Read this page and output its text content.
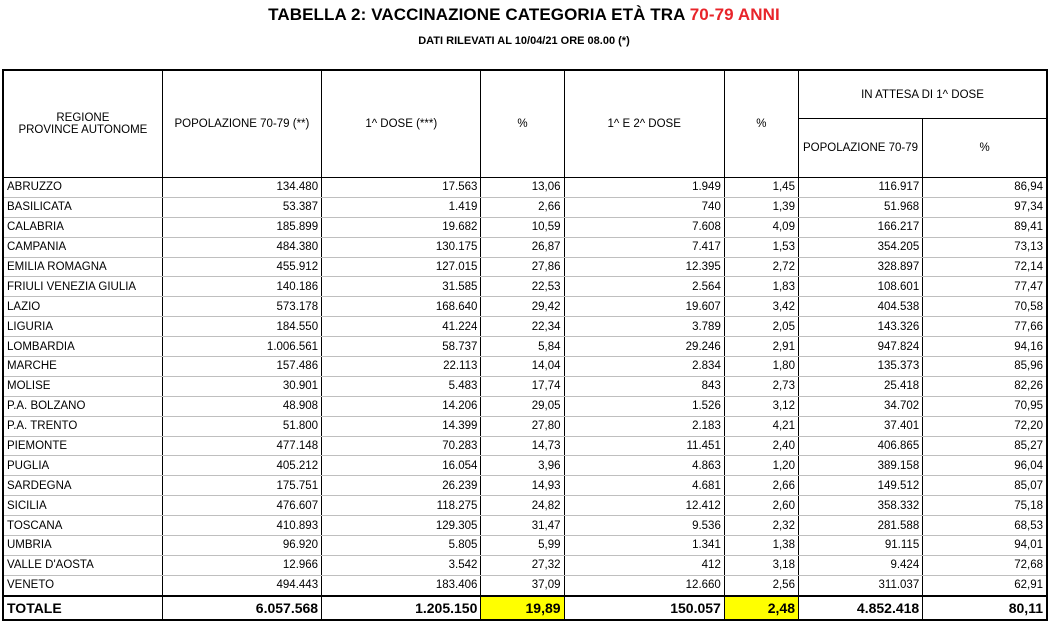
TABELLA 2: VACCINAZIONE CATEGORIA ETÀ TRA 70-79 ANNI
DATI RILEVATI AL 10/04/21 ORE 08.00 (*)
REGIONE
PROVINCE AUTONOME	POPOLAZIONE 70-79 (**)	1^ DOSE (***)	%	1^ E 2^ DOSE	%	IN ATTESA DI 1^ DOSE	
						POPOLAZIONE 70-79	%
ABRUZZO	134.480	17.563	13,06	1.949	1,45	116.917	86,94
BASILICATA	53.387	1.419	2,66	740	1,39	51.968	97,34
CALABRIA	185.899	19.682	10,59	7.608	4,09	166.217	89,41
CAMPANIA	484.380	130.175	26,87	7.417	1,53	354.205	73,13
EMILIA ROMAGNA	455.912	127.015	27,86	12.395	2,72	328.897	72,14
FRIULI VENEZIA GIULIA	140.186	31.585	22,53	2.564	1,83	108.601	77,47
LAZIO	573.178	168.640	29,42	19.607	3,42	404.538	70,58
LIGURIA	184.550	41.224	22,34	3.789	2,05	143.326	77,66
LOMBARDIA	1.006.561	58.737	5,84	29.246	2,91	947.824	94,16
MARCHE	157.486	22.113	14,04	2.834	1,80	135.373	85,96
MOLISE	30.901	5.483	17,74	843	2,73	25.418	82,26
P.A. BOLZANO	48.908	14.206	29,05	1.526	3,12	34.702	70,95
P.A. TRENTO	51.800	14.399	27,80	2.183	4,21	37.401	72,20
PIEMONTE	477.148	70.283	14,73	11.451	2,40	406.865	85,27
PUGLIA	405.212	16.054	3,96	4.863	1,20	389.158	96,04
SARDEGNA	175.751	26.239	14,93	4.681	2,66	149.512	85,07
SICILIA	476.607	118.275	24,82	12.412	2,60	358.332	75,18
TOSCANA	410.893	129.305	31,47	9.536	2,32	281.588	68,53
UMBRIA	96.920	5.805	5,99	1.341	1,38	91.115	94,01
VALLE D'AOSTA	12.966	3.542	27,32	412	3,18	9.424	72,68
VENETO	494.443	183.406	37,09	12.660	2,56	311.037	62,91
TOTALE	6.057.568	1.205.150	19,89	150.057	2,48	4.852.418	80,11
